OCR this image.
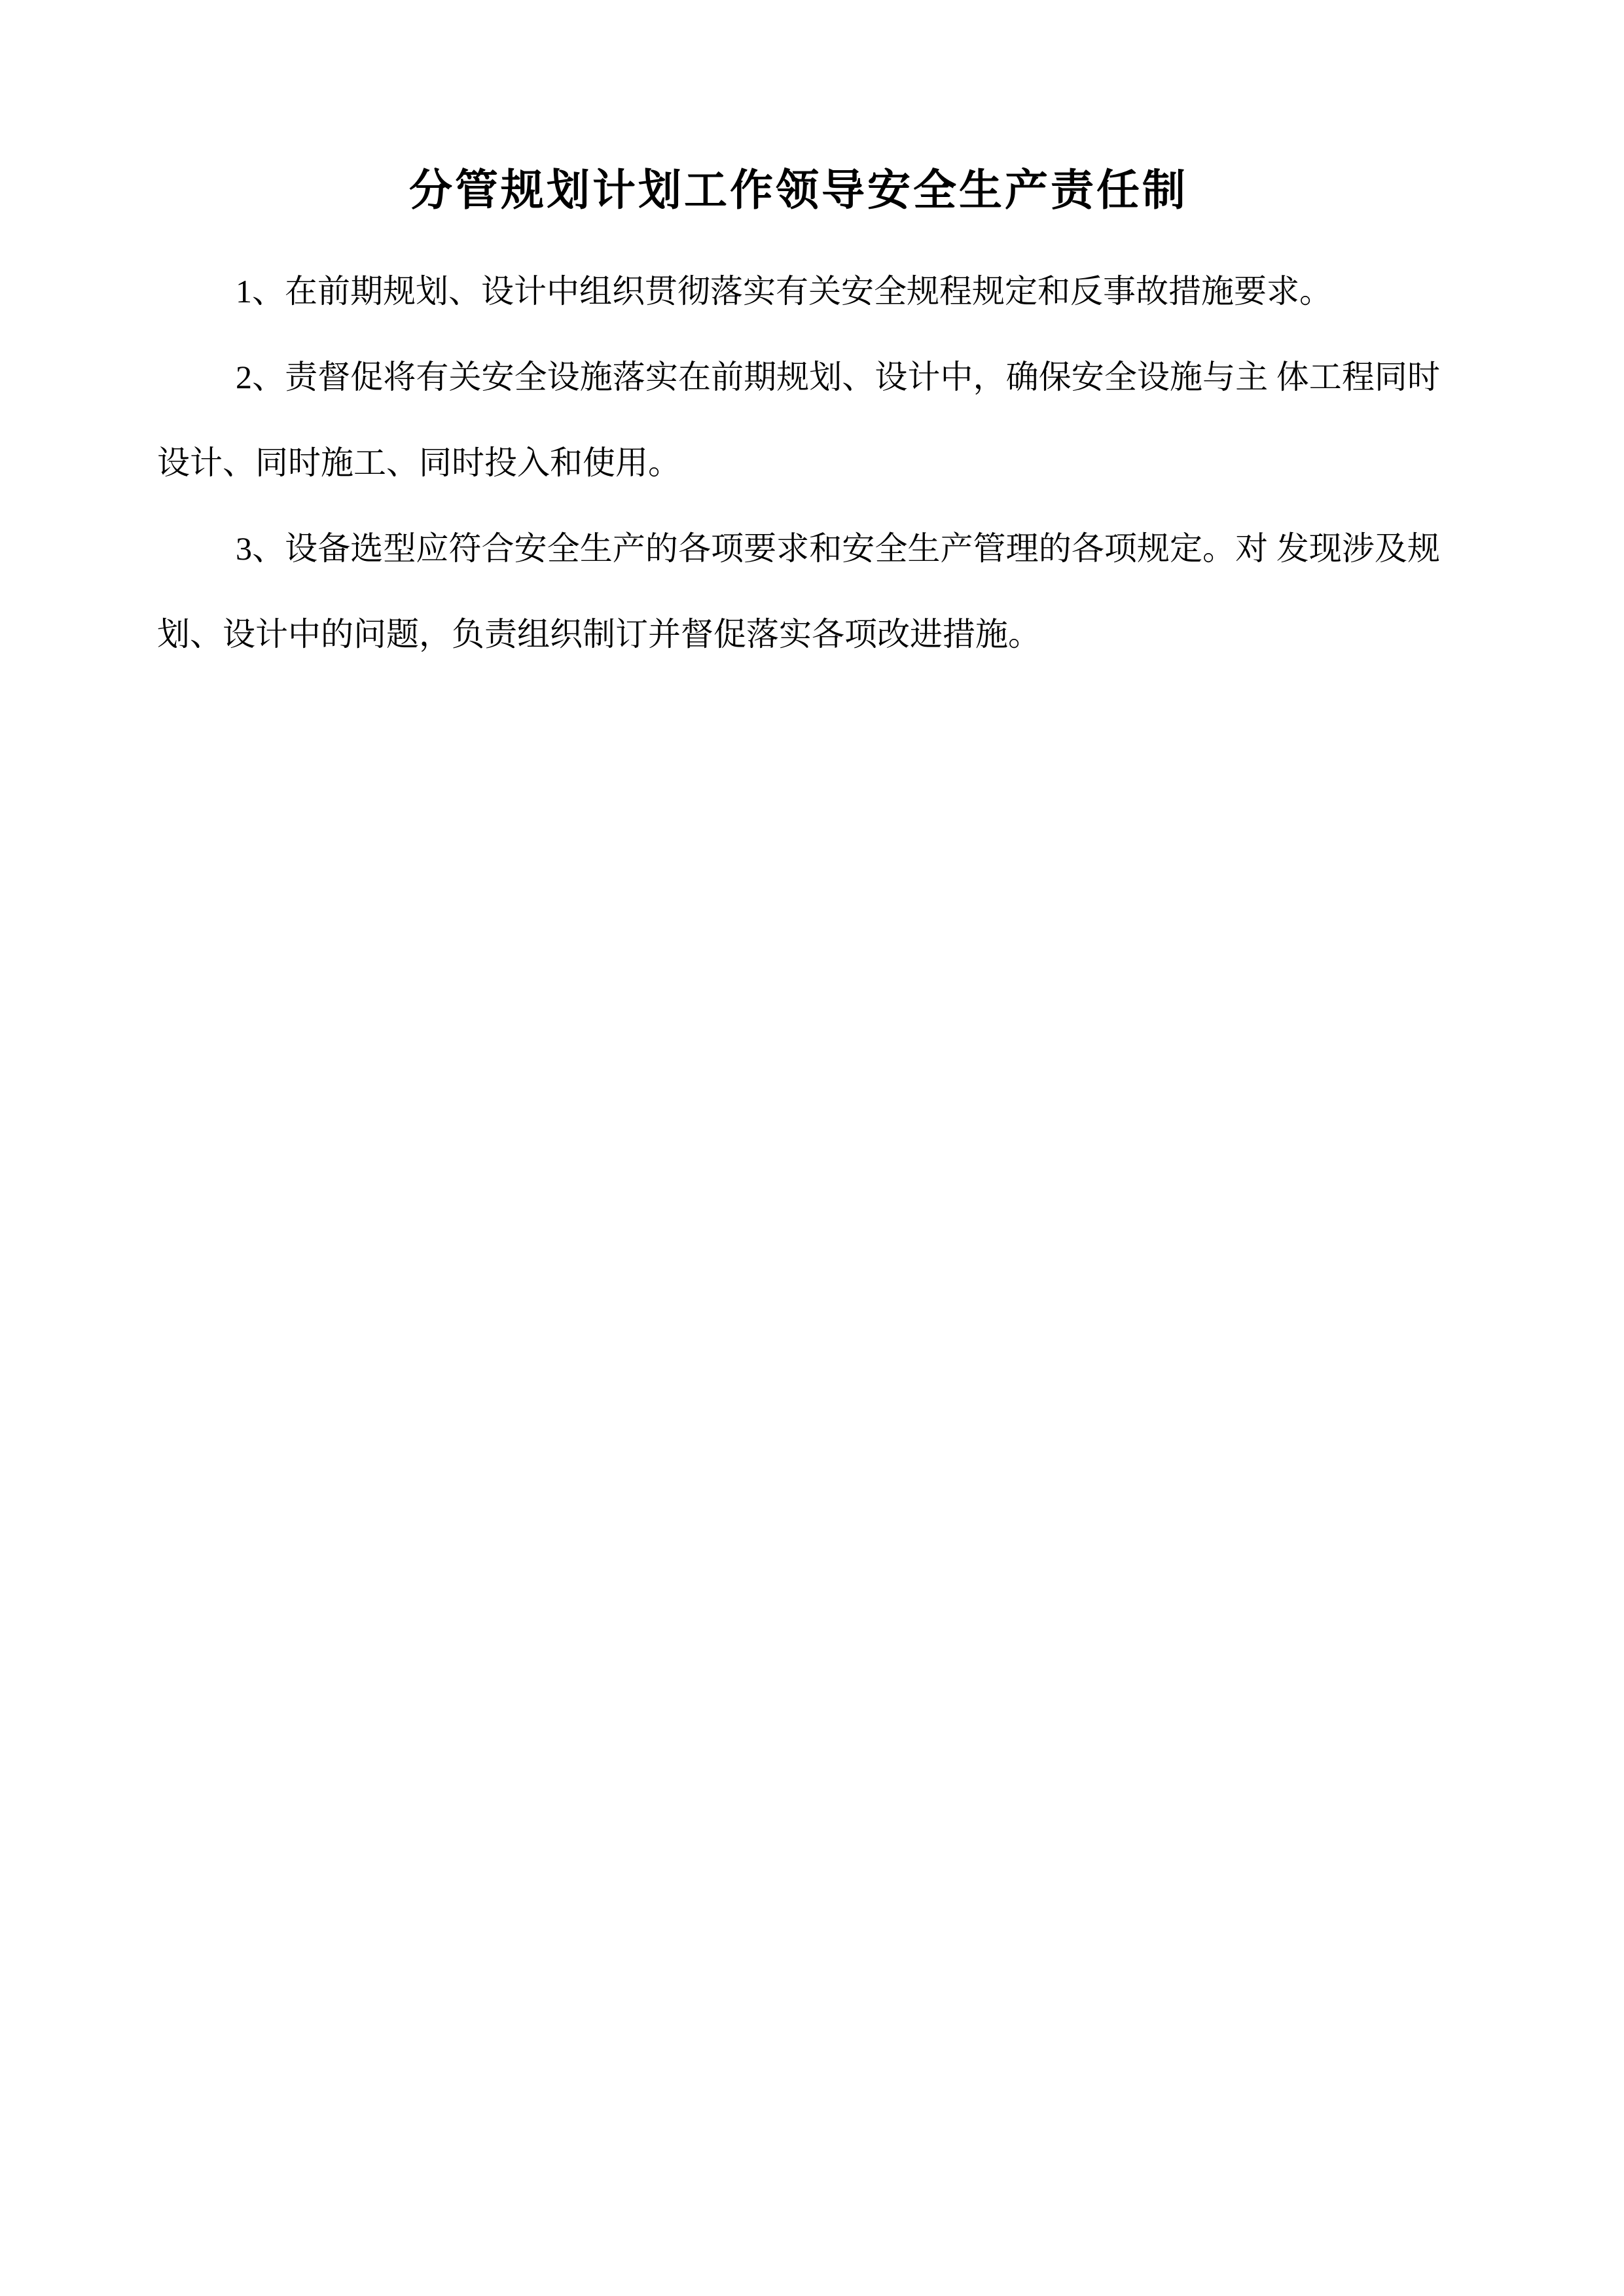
分管规划计划工作领导安全生产责任制

1、在前期规划、设计中组织贯彻落实有关安全规程规定和反事故措施要求。

2、责督促将有关安全设施落实在前期规划、设计中，确保安全设施与主 体工程同时
设计、同时施工、同时投入和使用。

3、设备选型应符合安全生产的各项要求和安全生产管理的各项规定。对 发现涉及规
划、设计中的问题，负责组织制订并督促落实各项改进措施。
